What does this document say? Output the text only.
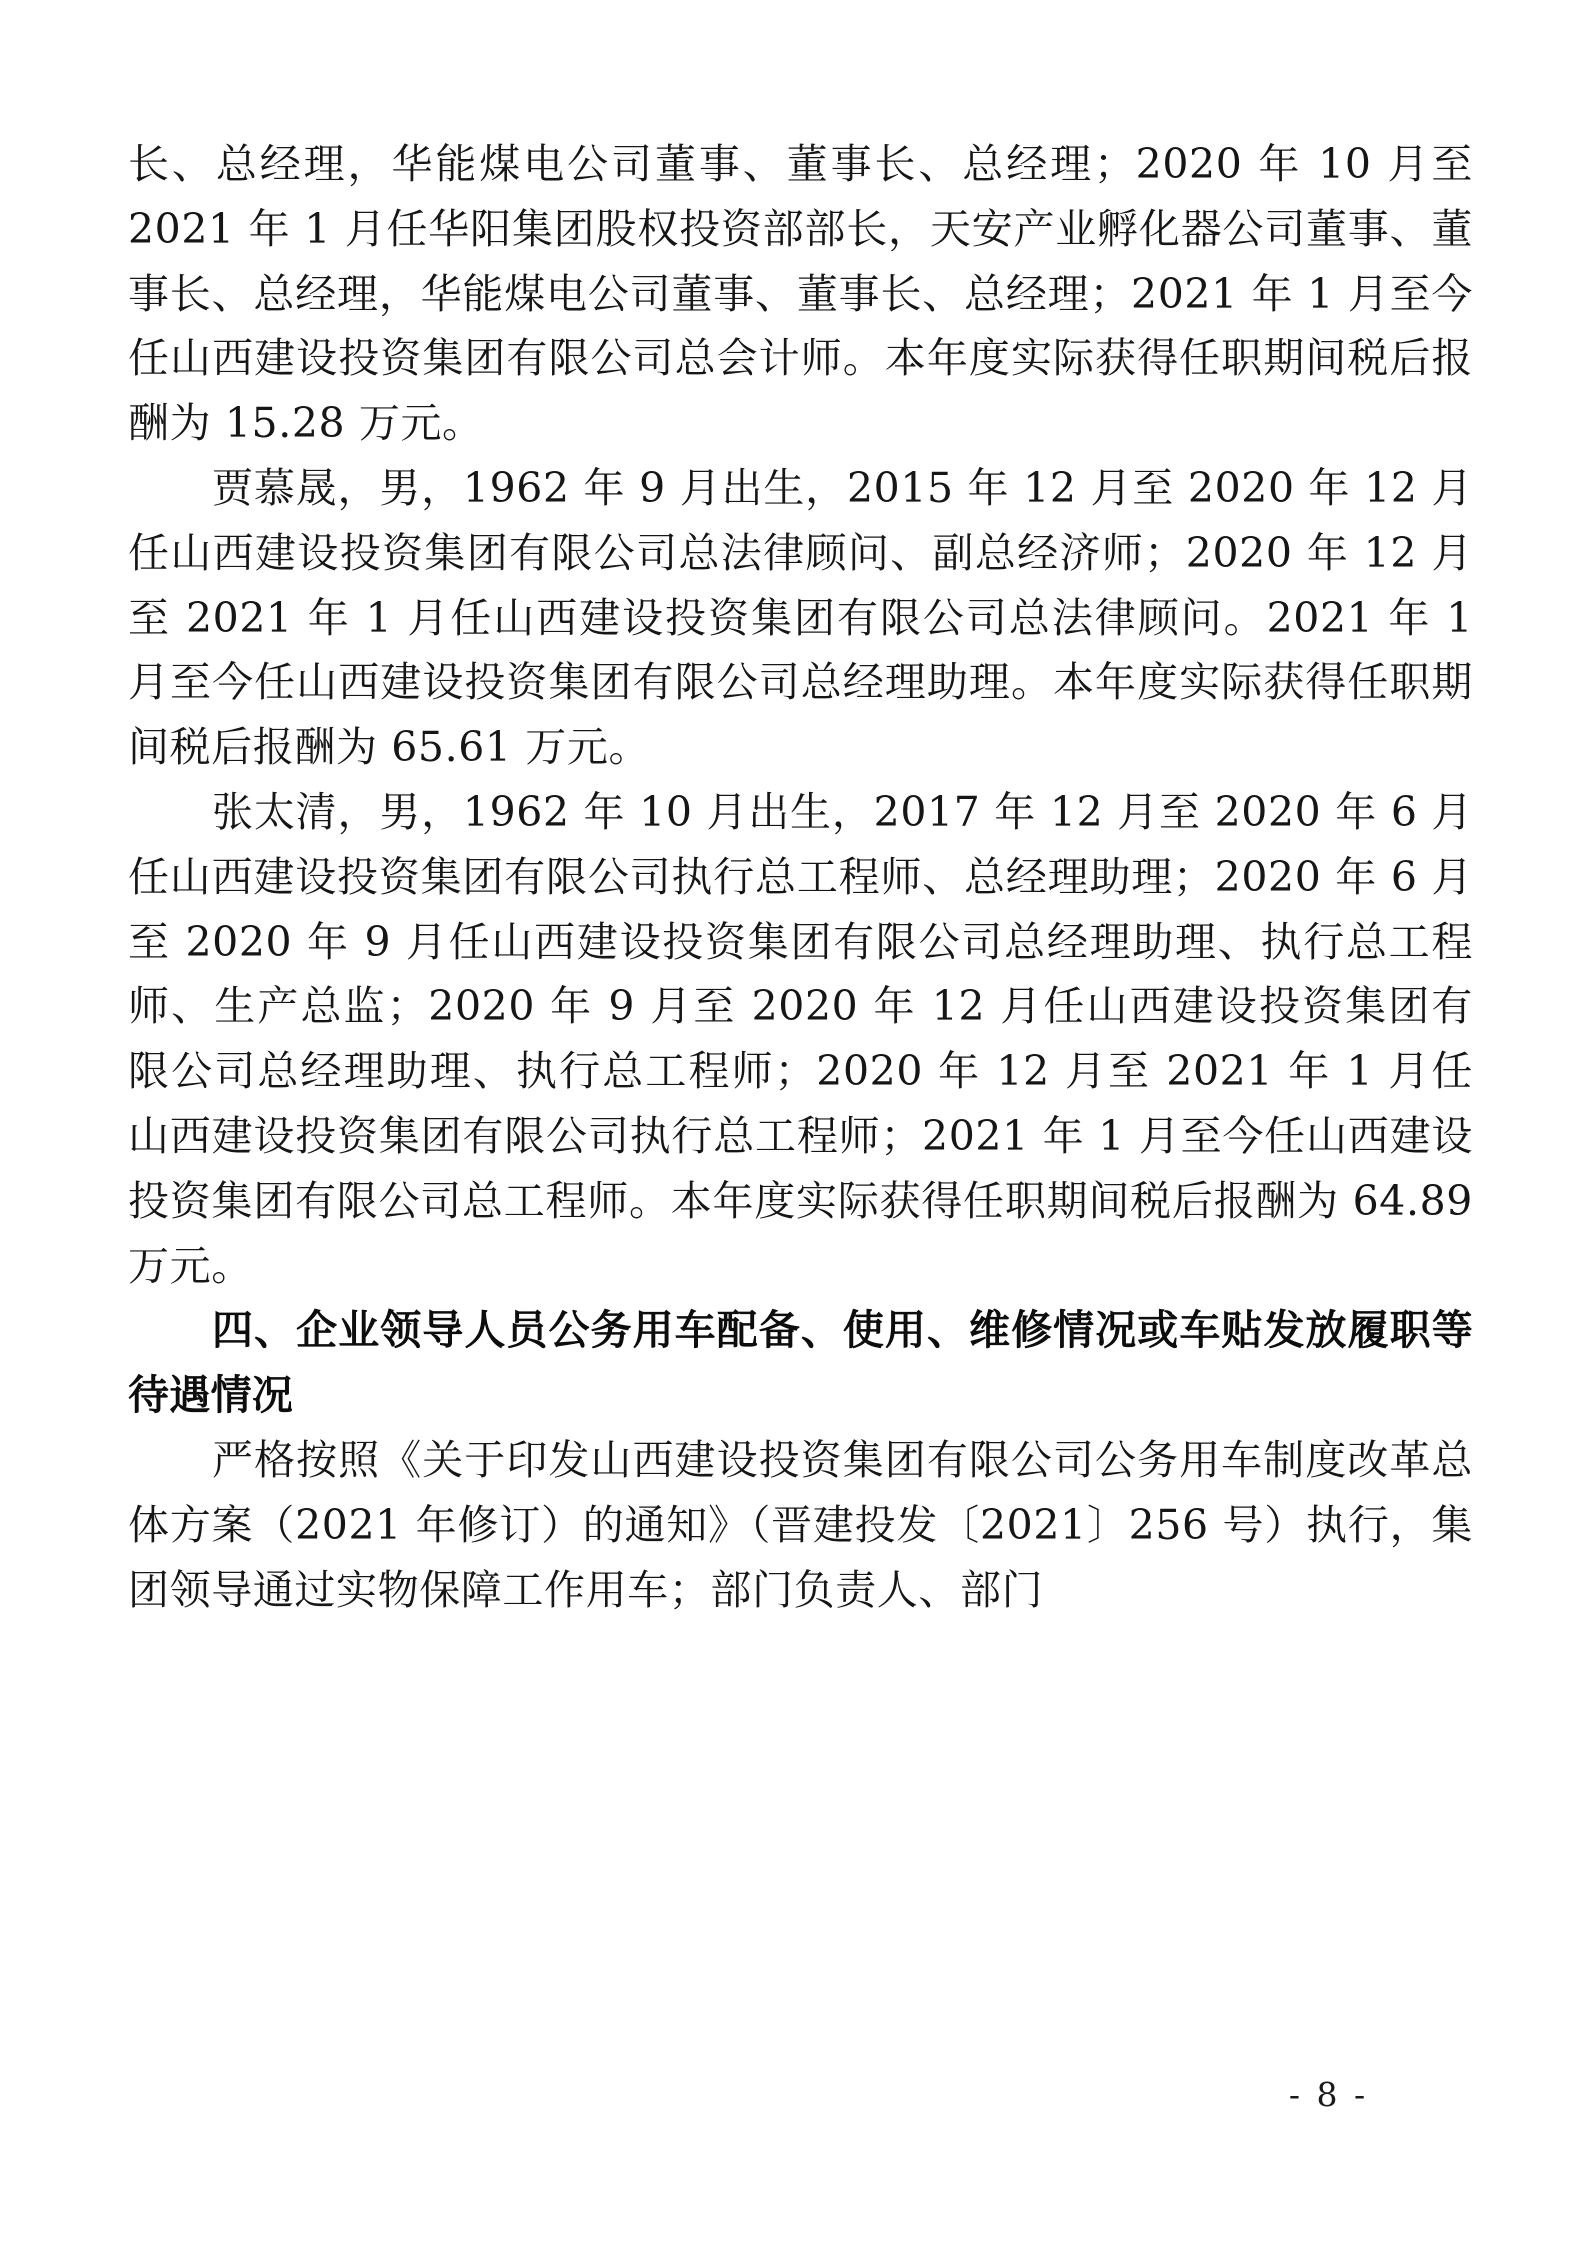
长、总经理，华能煤电公司董事、董事长、总经理；2020 年 10 月至 2021 年 1 月任华阳集团股权投资部部长，天安产业孵化器公司董事、董事长、总经理，华能煤电公司董事、董事长、总经理；2021 年 1 月至今任山西建设投资集团有限公司总会计师。本年度实际获得任职期间税后报酬为 15.28 万元。

贾慕晟，男，1962 年 9 月出生，2015 年 12 月至 2020 年 12 月任山西建设投资集团有限公司总法律顾问、副总经济师；2020 年 12 月至 2021 年 1 月任山西建设投资集团有限公司总法律顾问。2021 年 1 月至今任山西建设投资集团有限公司总经理助理。本年度实际获得任职期间税后报酬为 65.61 万元。

张太清，男，1962 年 10 月出生，2017 年 12 月至 2020 年 6 月任山西建设投资集团有限公司执行总工程师、总经理助理；2020 年 6 月至 2020 年 9 月任山西建设投资集团有限公司总经理助理、执行总工程师、生产总监；2020 年 9 月至 2020 年 12 月任山西建设投资集团有限公司总经理助理、执行总工程师；2020 年 12 月至 2021 年 1 月任山西建设投资集团有限公司执行总工程师；2021 年 1 月至今任山西建设投资集团有限公司总工程师。本年度实际获得任职期间税后报酬为 64.89 万元。

四、企业领导人员公务用车配备、使用、维修情况或车贴发放履职等待遇情况

严格按照《关于印发山西建设投资集团有限公司公务用车制度改革总体方案（2021 年修订）的通知》（晋建投发〔2021〕256 号）执行，集团领导通过实物保障工作用车；部门负责人、部门

- 8 -
